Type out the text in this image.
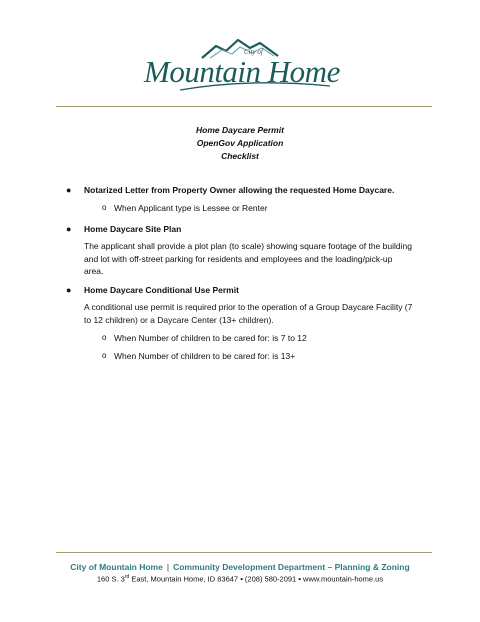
City of
Mountain Home
Home Daycare Permit
OpenGov Application
Checklist
● Notarized Letter from Property Owner allowing the requested Home Daycare.
o When Applicant type is Lessee or Renter
● Home Daycare Site Plan
The applicant shall provide a plot plan (to scale) showing square footage of the building
and lot with off-street parking for residents and employees and the loading/pick-up
area.
● Home Daycare Conditional Use Permit
A conditional use permit is required prior to the operation of a Group Daycare Facility (7
to 12 children) or a Daycare Center (13+ children).
o When Number of children to be cared for: is 7 to 12
o When Number of children to be cared for: is 13+
City of Mountain Home | Community Development Department – Planning & Zoning
160 S. 3rd East, Mountain Home, ID 83647 ▪ (208) 580-2091 ▪ www.mountain-home.us
